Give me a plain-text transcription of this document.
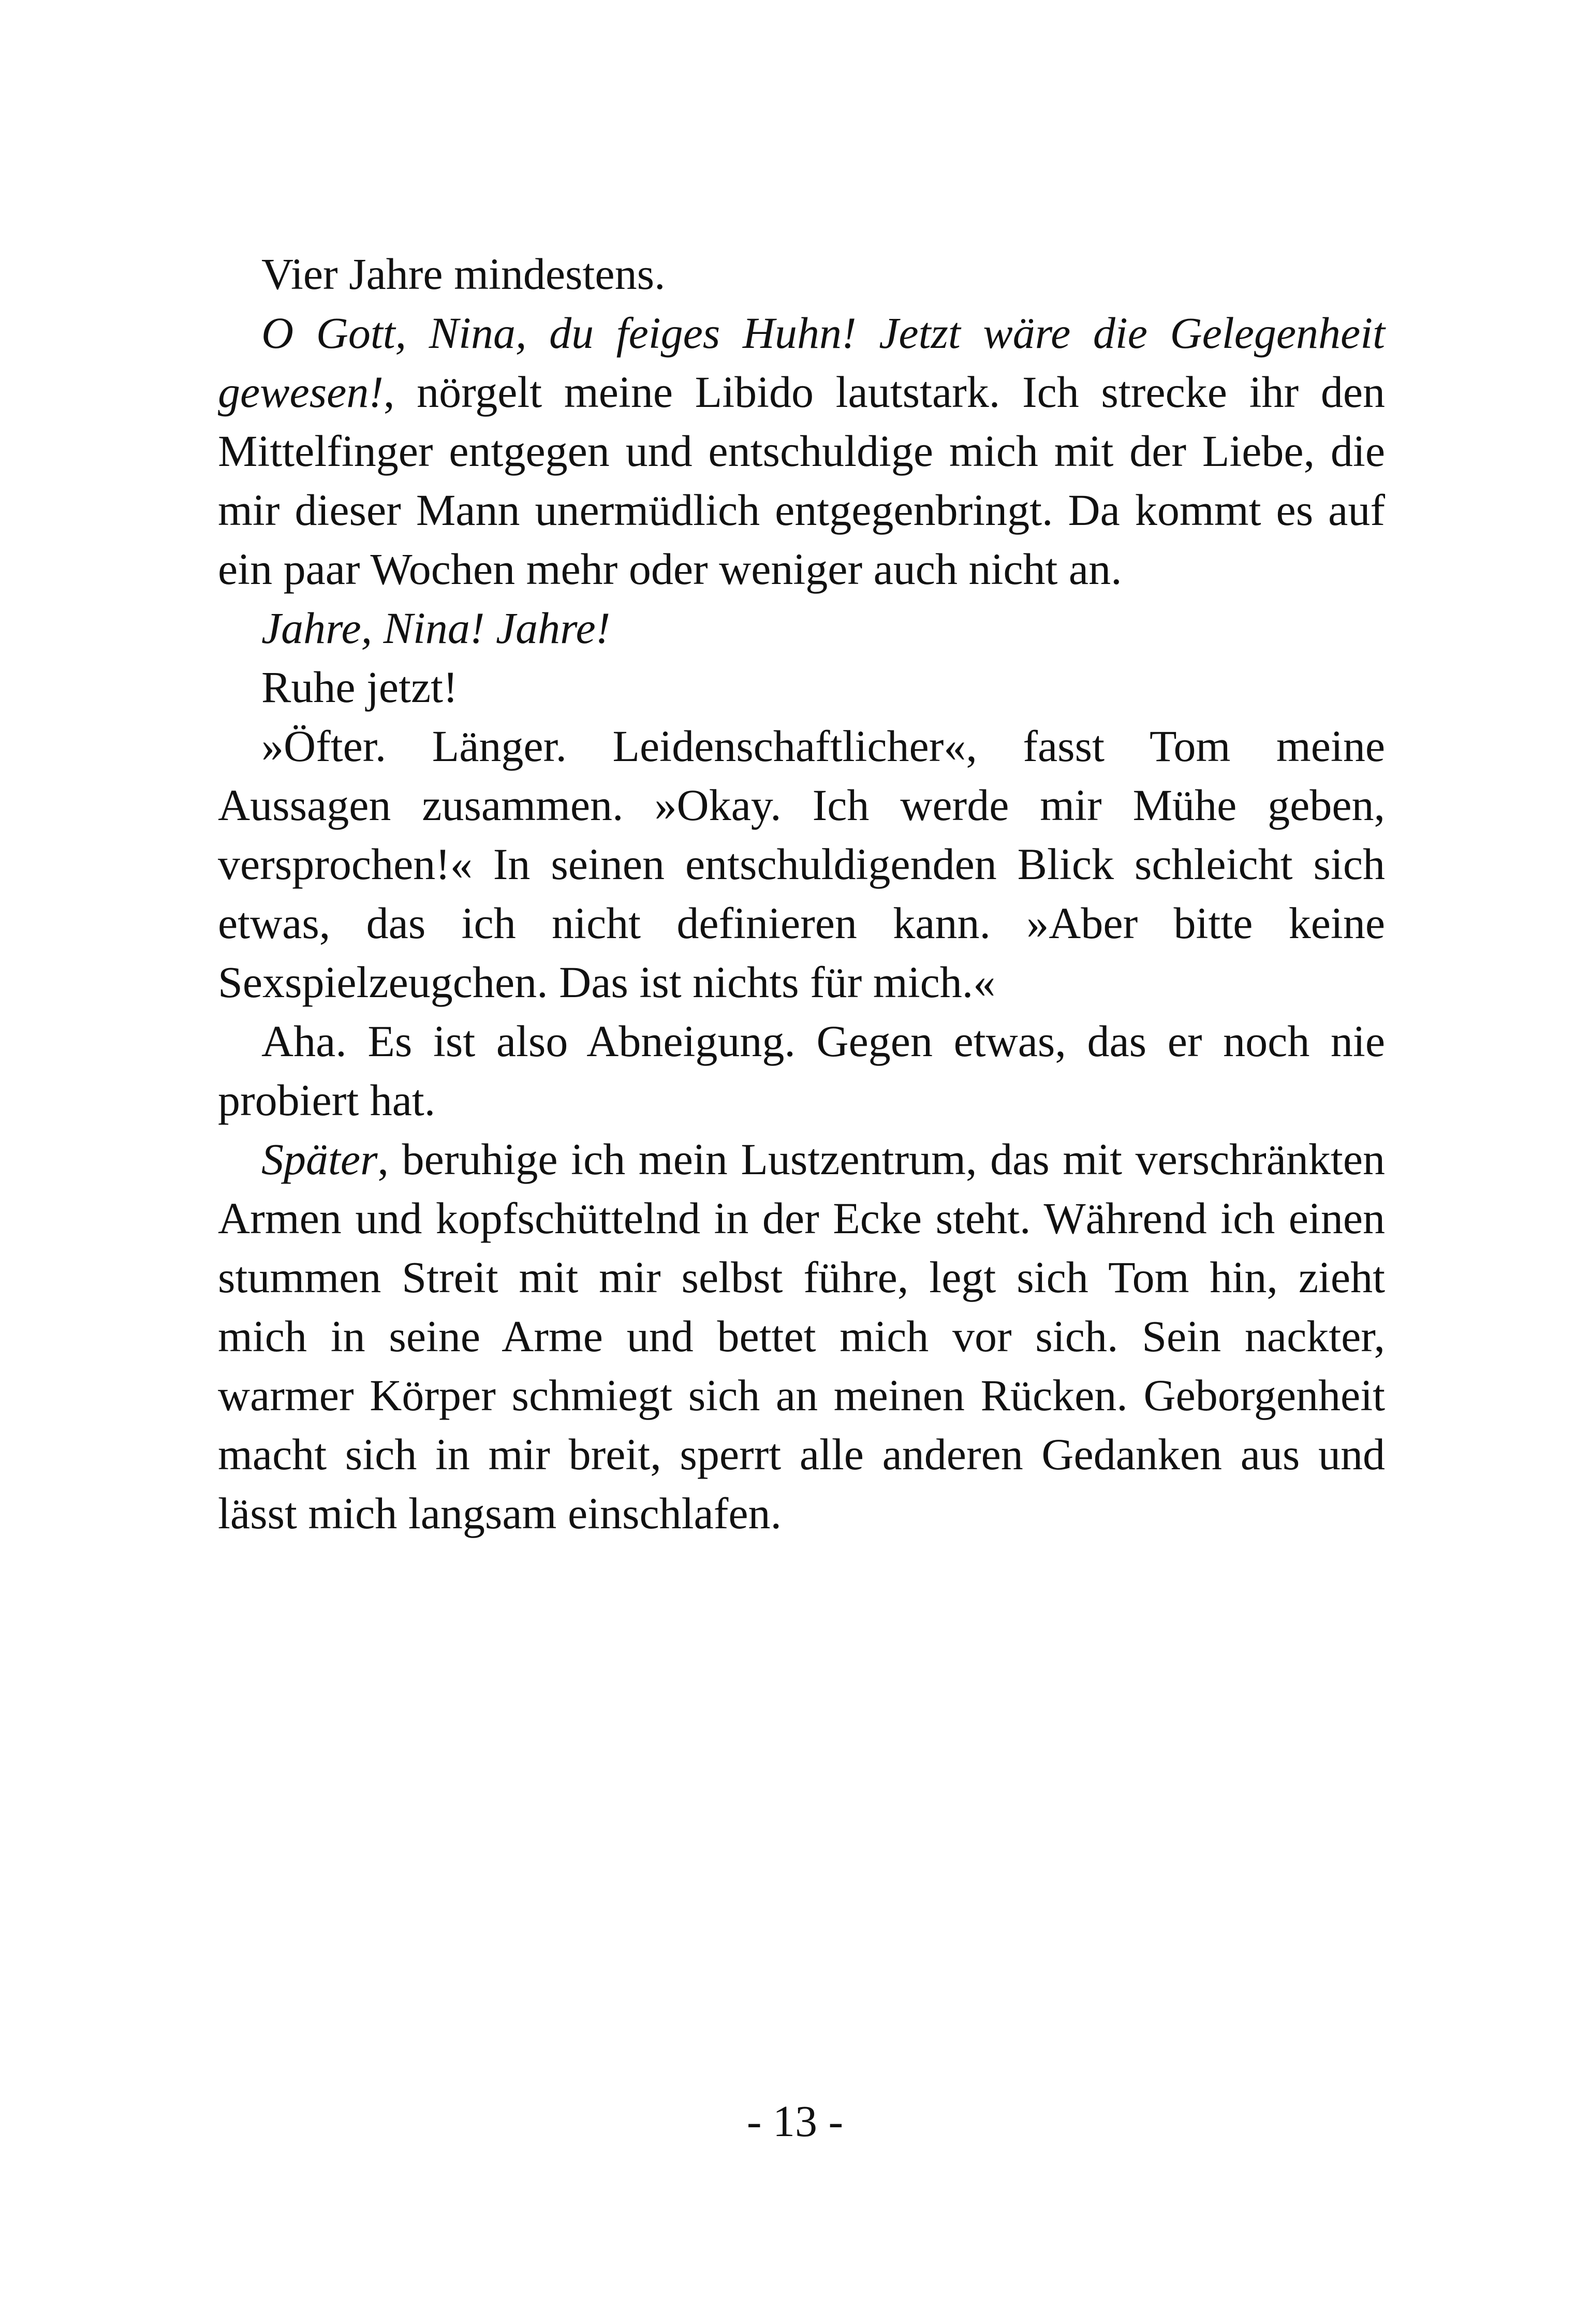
Vier Jahre mindestens.

O Gott, Nina, du feiges Huhn! Jetzt wäre die Gelegenheit gewesen!, nörgelt meine Libido lautstark. Ich strecke ihr den Mittelfinger entgegen und entschuldige mich mit der Liebe, die mir dieser Mann unermüdlich entgegenbringt. Da kommt es auf ein paar Wochen mehr oder weniger auch nicht an.

Jahre, Nina! Jahre!

Ruhe jetzt!

»Öfter. Länger. Leidenschaftlicher«, fasst Tom meine Aussagen zusammen. »Okay. Ich werde mir Mühe geben, versprochen!« In seinen entschuldigenden Blick schleicht sich etwas, das ich nicht definieren kann. »Aber bitte keine Sexspielzeugchen. Das ist nichts für mich.«

Aha. Es ist also Abneigung. Gegen etwas, das er noch nie probiert hat.

Später, beruhige ich mein Lustzentrum, das mit verschränkten Armen und kopfschüttelnd in der Ecke steht. Während ich einen stummen Streit mit mir selbst führe, legt sich Tom hin, zieht mich in seine Arme und bettet mich vor sich. Sein nackter, warmer Körper schmiegt sich an meinen Rücken. Geborgenheit macht sich in mir breit, sperrt alle anderen Gedanken aus und lässt mich langsam einschlafen.

- 13 -
